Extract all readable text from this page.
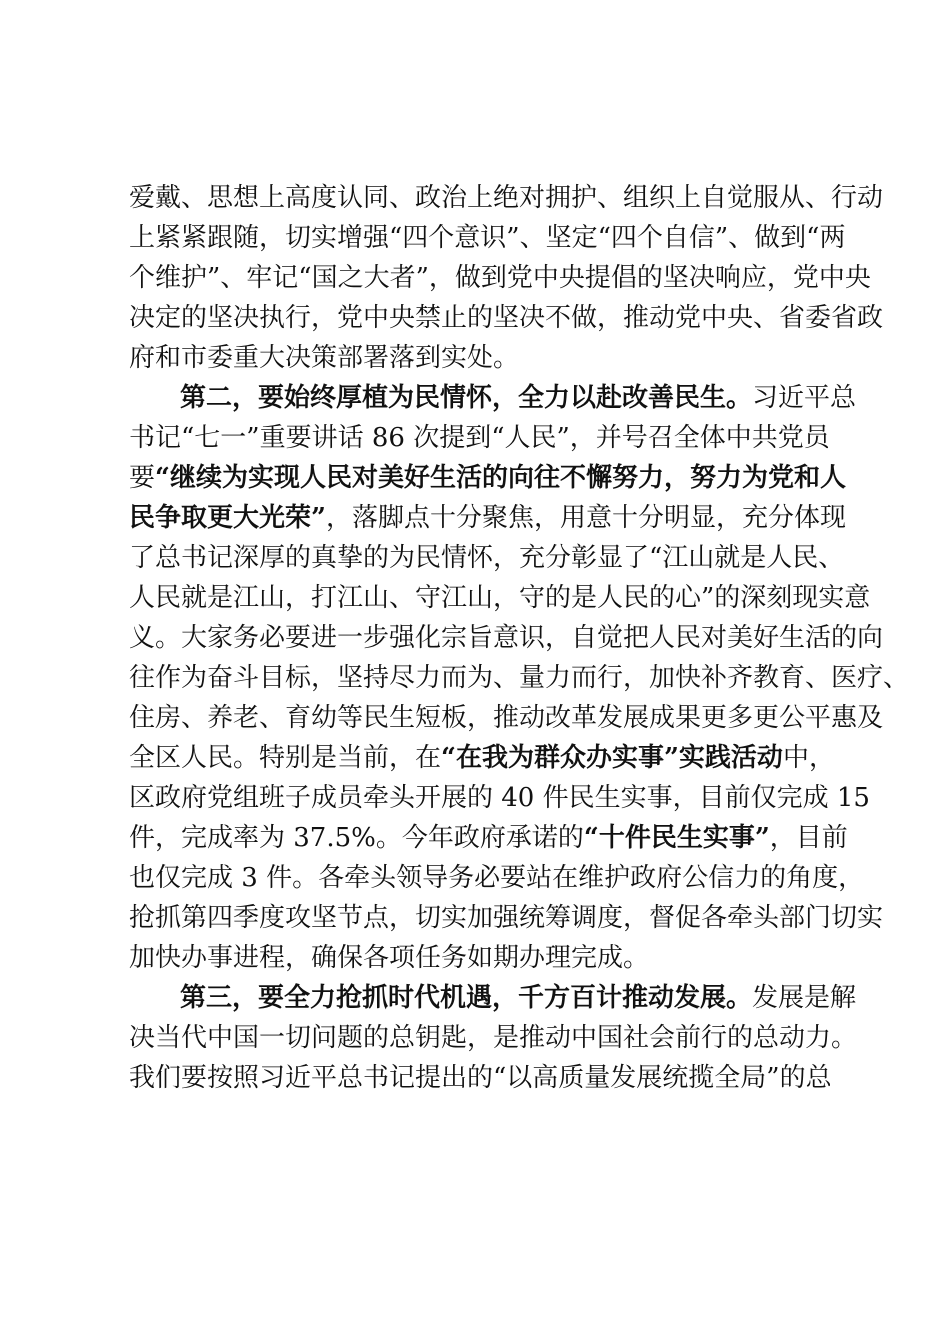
爱戴、思想上高度认同、政治上绝对拥护、组织上自觉服从、行动
上紧紧跟随，切实增强“四个意识”、坚定“四个自信”、做到“两
个维护”、牢记“国之大者”，做到党中央提倡的坚决响应，党中央
决定的坚决执行，党中央禁止的坚决不做，推动党中央、省委省政
府和市委重大决策部署落到实处。
第二，要始终厚植为民情怀，全力以赴改善民生。习近平总
书记“七一”重要讲话 86 次提到“人民”，并号召全体中共党员
要“继续为实现人民对美好生活的向往不懈努力，努力为党和人
民争取更大光荣”，落脚点十分聚焦，用意十分明显，充分体现
了总书记深厚的真挚的为民情怀，充分彰显了“江山就是人民、
人民就是江山，打江山、守江山，守的是人民的心”的深刻现实意
义。大家务必要进一步强化宗旨意识，自觉把人民对美好生活的向
往作为奋斗目标，坚持尽力而为、量力而行，加快补齐教育、医疗、
住房、养老、育幼等民生短板，推动改革发展成果更多更公平惠及
全区人民。特别是当前，在“在我为群众办实事”实践活动中，
区政府党组班子成员牵头开展的 40 件民生实事，目前仅完成 15
件，完成率为 37.5%。今年政府承诺的“十件民生实事”，目前
也仅完成 3 件。各牵头领导务必要站在维护政府公信力的角度，
抢抓第四季度攻坚节点，切实加强统筹调度，督促各牵头部门切实
加快办事进程，确保各项任务如期办理完成。
第三，要全力抢抓时代机遇，千方百计推动发展。发展是解
决当代中国一切问题的总钥匙，是推动中国社会前行的总动力。
我们要按照习近平总书记提出的“以高质量发展统揽全局”的总
